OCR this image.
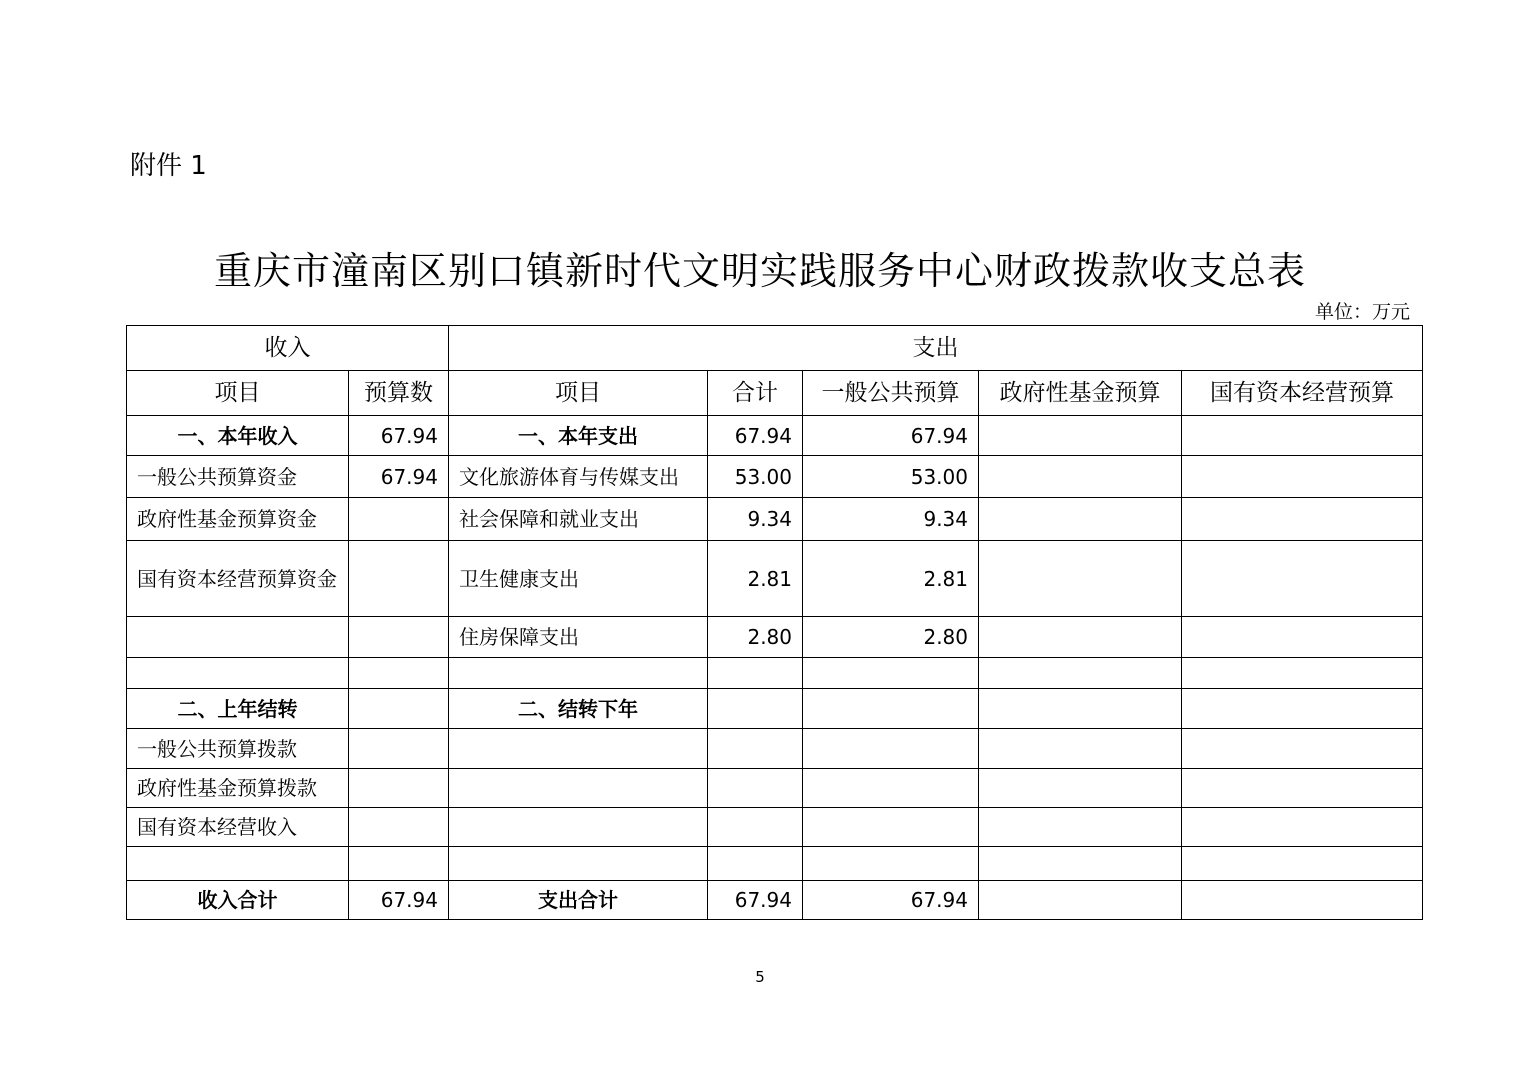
附件 1
重庆市潼南区别口镇新时代文明实践服务中心财政拨款收支总表
单位：万元
收入		支出				
项目	预算数	项目	合计	一般公共预算	政府性基金预算	国有资本经营预算
一、本年收入	67.94	一、本年支出	67.94	67.94		
一般公共预算资金	67.94	文化旅游体育与传媒支出	53.00	53.00		
政府性基金预算资金		社会保障和就业支出	9.34	9.34		
国有资本经营预算资金		卫生健康支出	2.81	2.81		
		住房保障支出	2.80	2.80		

二、上年结转		二、结转下年				
一般公共预算拨款						
政府性基金预算拨款						
国有资本经营收入						

收入合计	67.94	支出合计	67.94	67.94		
5
